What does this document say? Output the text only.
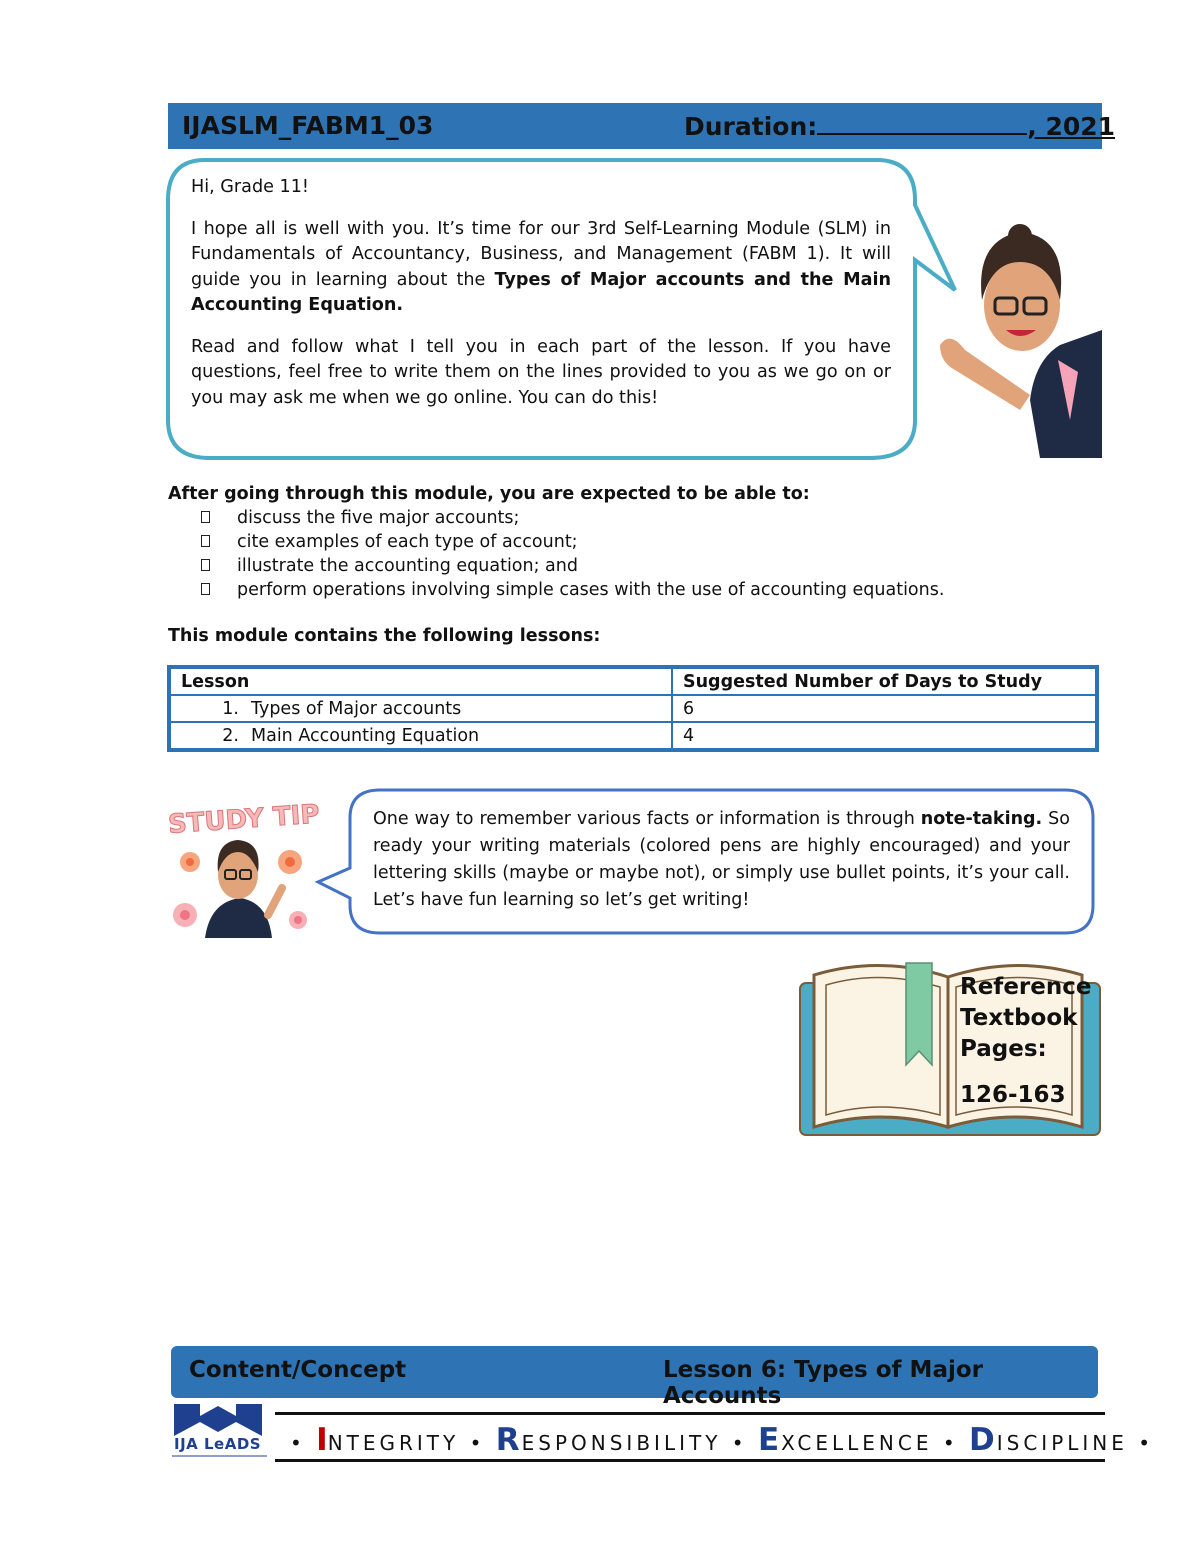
IJASLM_FABM1_03	Duration:	, 2021

Hi, Grade 11!

I hope all is well with you. It’s time for our 3rd Self-Learning Module (SLM) in Fundamentals of Accountancy, Business, and Management (FABM 1). It will guide you in learning about the Types of Major accounts and the Main Accounting Equation.

Read and follow what I tell you in each part of the lesson. If you have questions, feel free to write them on the lines provided to you as we go on or you may ask me when we go online. You can do this!

After going through this module, you are expected to be able to:
discuss the five major accounts;
cite examples of each type of account;
illustrate the accounting equation; and
perform operations involving simple cases with the use of accounting equations.
This module contains the following lessons:
Lesson	Suggested Number of Days to Study
1. Types of Major accounts	6
2. Main Accounting Equation	4
STUDY TIP	One way to remember various facts or information is through note-taking. So ready your writing materials (colored pens are highly encouraged) and your lettering skills (maybe or maybe not), or simply use bullet points, it’s your call. Let’s have fun learning so let’s get writing!
Reference
Textbook
Pages:
126-163
Content/Concept	Lesson 6: Types of Major Accounts
IJA LeADS • INTEGRITY • RESPONSIBILITY • EXCELLENCE • DISCIPLINE •
